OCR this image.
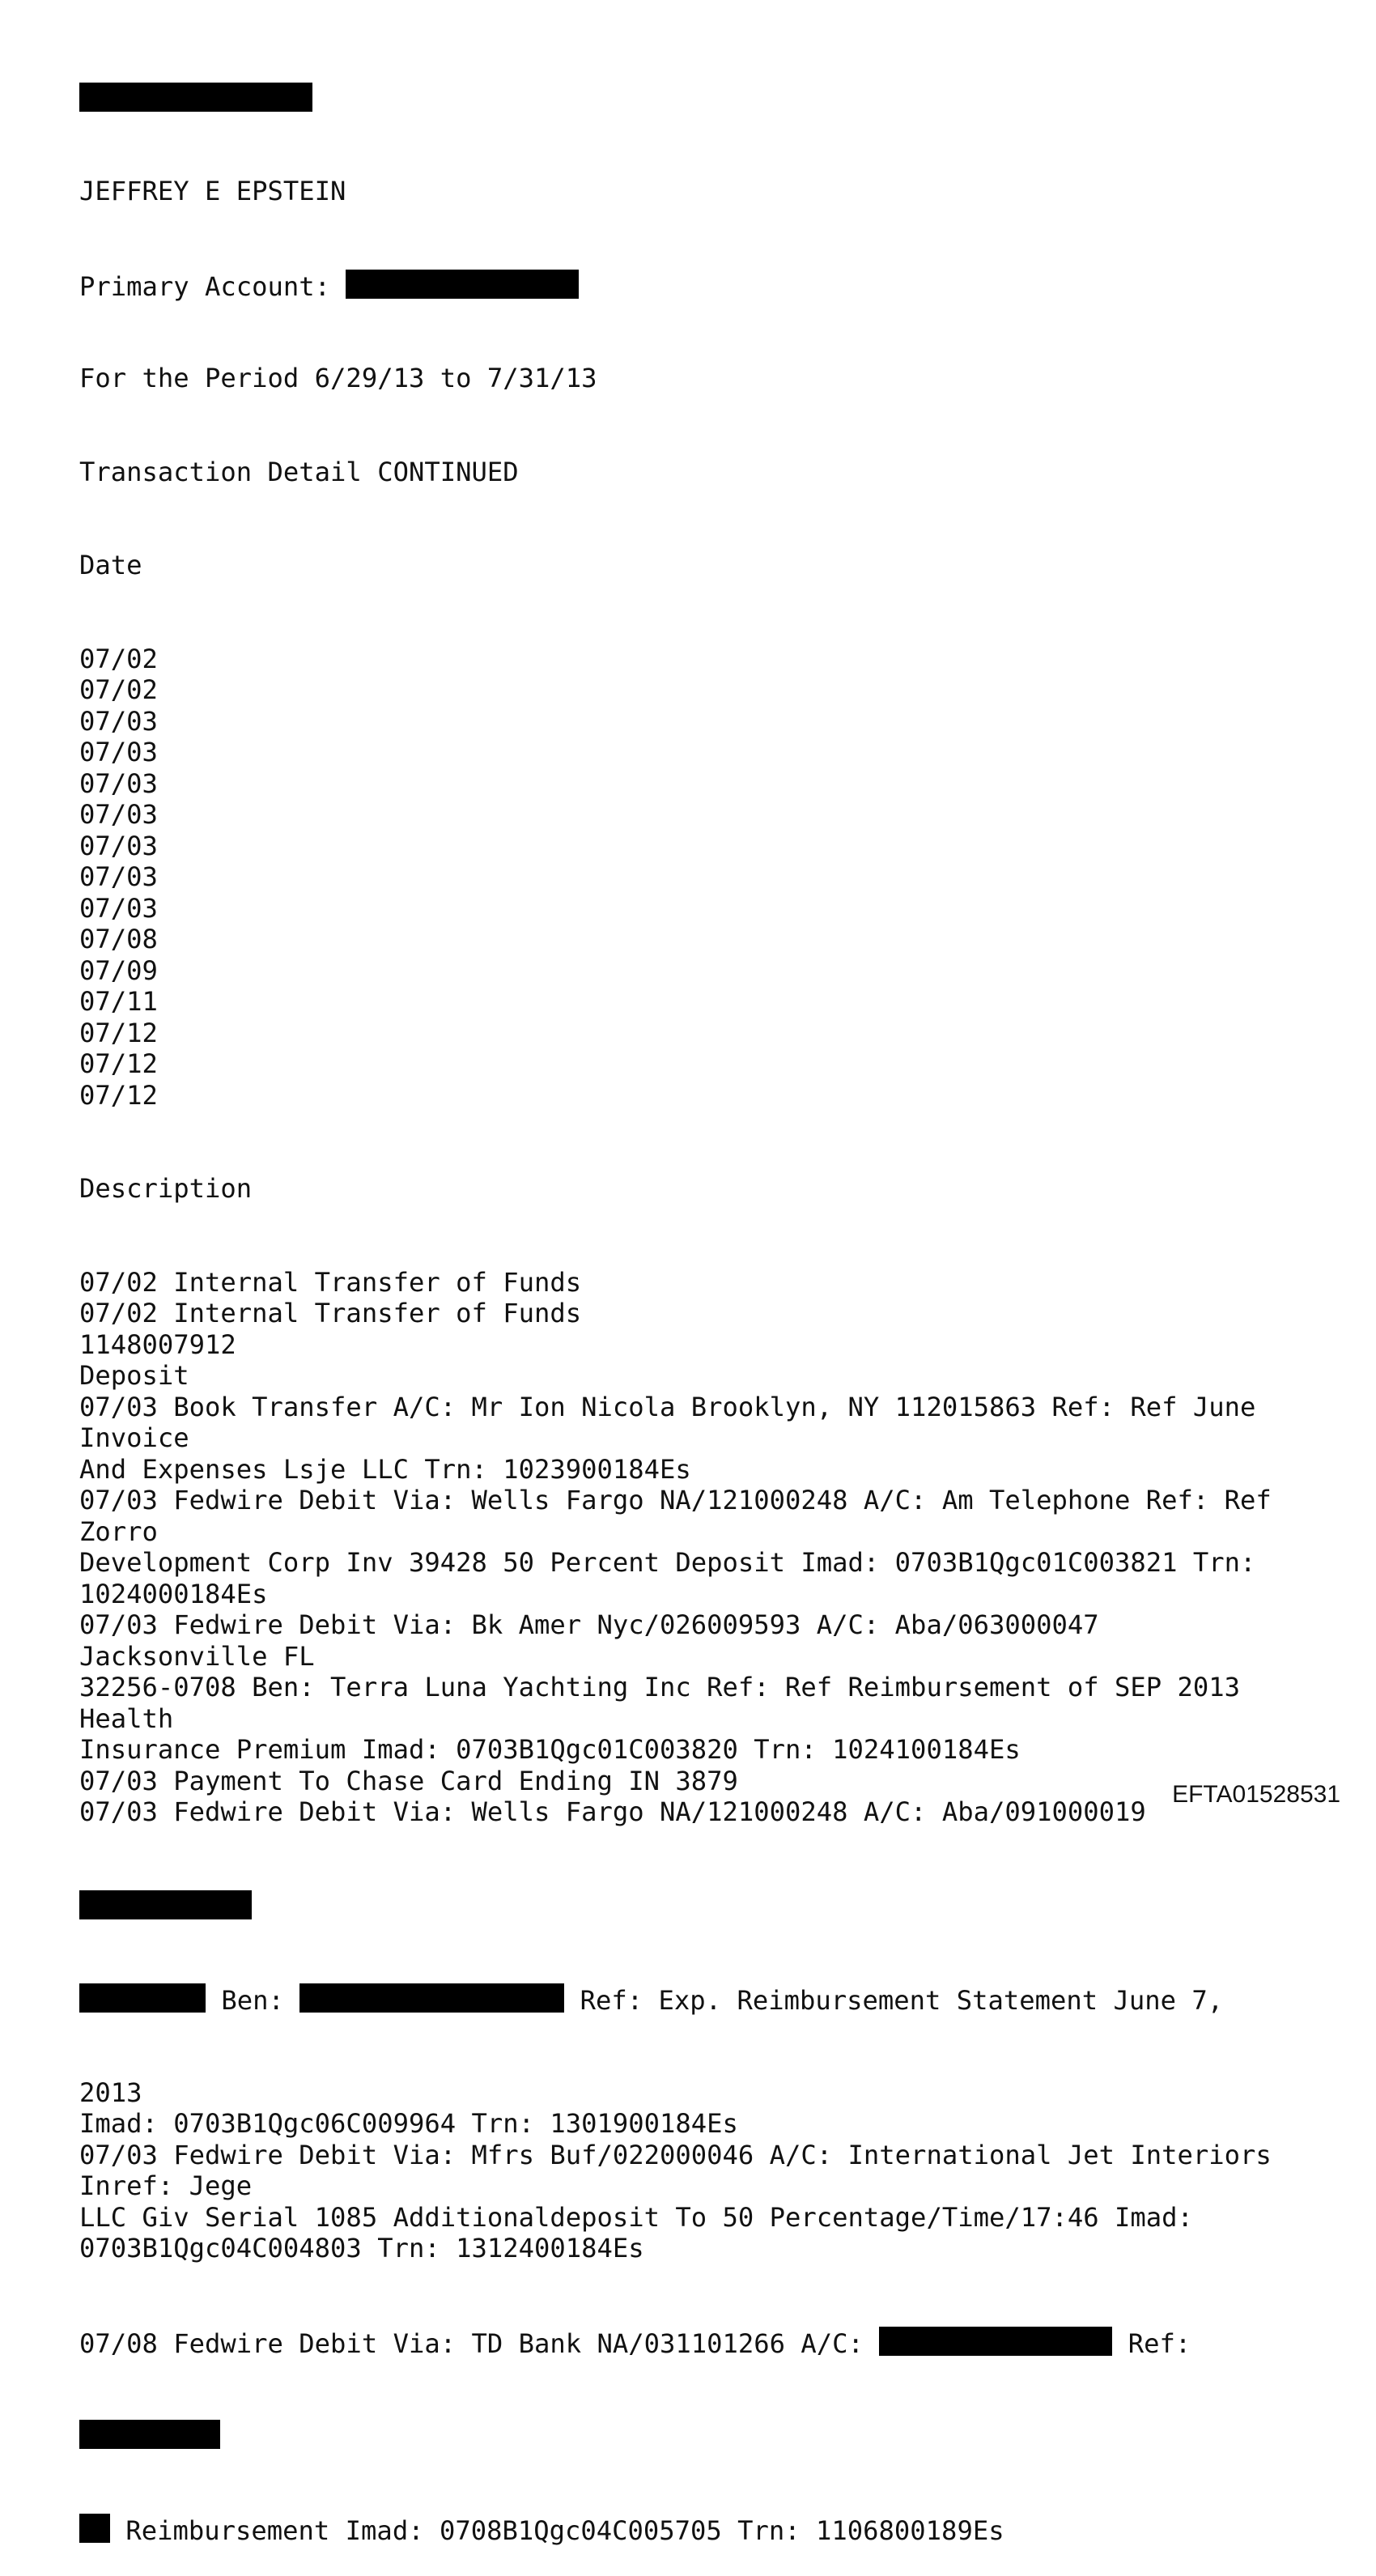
JEFFREY E EPSTEIN

Primary Account:

For the Period 6/29/13 to 7/31/13

Transaction Detail CONTINUED

Date

07/02
07/02
07/03
07/03
07/03
07/03
07/03
07/03
07/03
07/08
07/09
07/11
07/12
07/12
07/12

Description

07/02 Internal Transfer of Funds
07/02 Internal Transfer of Funds
1148007912
Deposit
07/03 Book Transfer A/C: Mr Ion Nicola Brooklyn, NY 112015863 Ref: Ref June
Invoice
And Expenses Lsje LLC Trn: 1023900184Es
07/03 Fedwire Debit Via: Wells Fargo NA/121000248 A/C: Am Telephone Ref: Ref
Zorro
Development Corp Inv 39428 50 Percent Deposit Imad: 0703B1Qgc01C003821 Trn:
1024000184Es
07/03 Fedwire Debit Via: Bk Amer Nyc/026009593 A/C: Aba/063000047
Jacksonville FL
32256-0708 Ben: Terra Luna Yachting Inc Ref: Ref Reimbursement of SEP 2013
Health
Insurance Premium Imad: 0703B1Qgc01C003820 Trn: 1024100184Es
07/03 Payment To Chase Card Ending IN 3879
07/03 Fedwire Debit Via: Wells Fargo NA/121000248 A/C: Aba/091000019

Ben:	Ref: Exp. Reimbursement Statement June 7,

2013
Imad: 0703B1Qgc06C009964 Trn: 1301900184Es
07/03 Fedwire Debit Via: Mfrs Buf/022000046 A/C: International Jet Interiors
Inref: Jege
LLC Giv Serial 1085 Additionaldeposit To 50 Percentage/Time/17:46 Imad:
0703B1Qgc04C004803 Trn: 1312400184Es

07/08 Fedwire Debit Via: TD Bank NA/031101266 A/C:	Ref:

Reimbursement Imad: 0708B1Qgc04C005705 Trn: 1106800189Es

EFTA01528531
